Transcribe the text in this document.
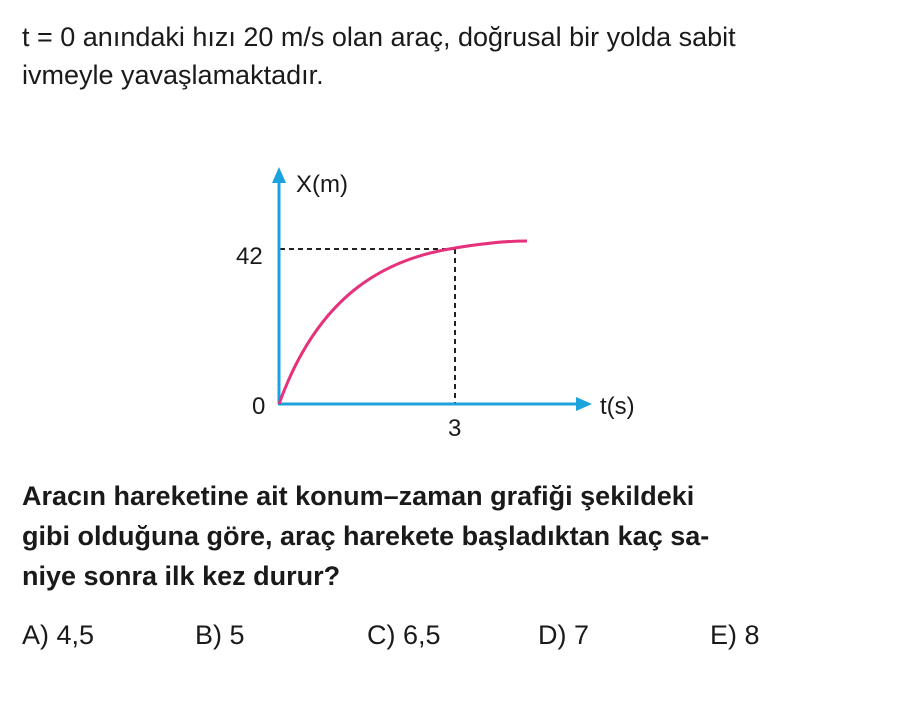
t = 0 anındaki hızı 20 m/s olan araç, doğrusal bir yolda sabit
ivmeyle yavaşlamaktadır.
X(m)
t(s)
42
3
0
Aracın hareketine ait konum–zaman grafiği şekildeki
gibi olduğuna göre, araç harekete başladıktan kaç sa-
niye sonra ilk kez durur?
A) 4,5	B) 5	C) 6,5	D) 7	E) 8
